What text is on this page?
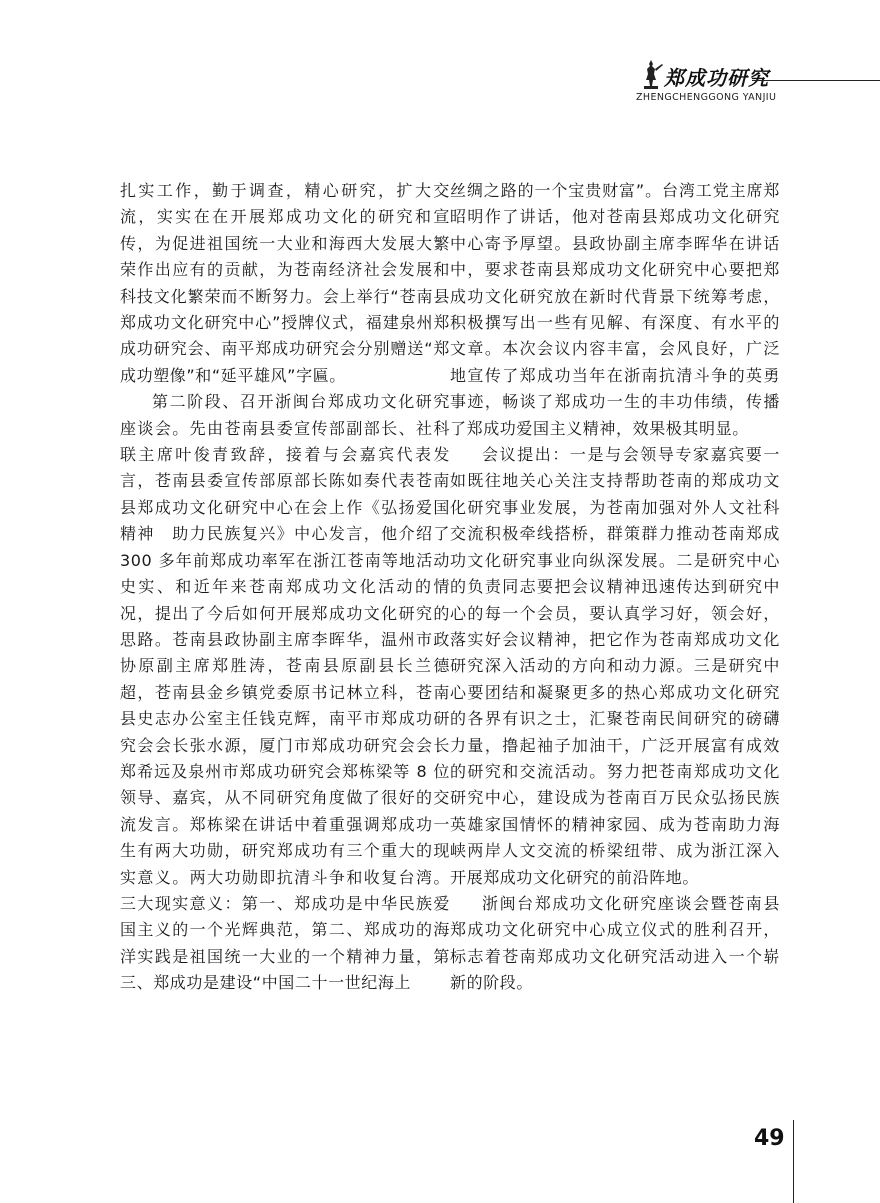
郑成功研究
ZHENGCHENGGONG YANJIU

扎实工作，勤于调查，精心研究，扩大交流，实实在在开展郑成功文化的研究和宣传，为促进祖国统一大业和海西大发展大繁荣作出应有的贡献，为苍南经济社会发展和科技文化繁荣而不断努力。会上举行“苍南县郑成功文化研究中心”授牌仪式，福建泉州郑成功研究会、南平郑成功研究会分别赠送“郑成功塑像”和“延平雄风”字匾。

第二阶段、召开浙闽台郑成功文化研究座谈会。先由苍南县委宣传部副部长、社科联主席叶俊青致辞，接着与会嘉宾代表发言，苍南县委宣传部原部长陈如奏代表苍南县郑成功文化研究中心在会上作《弘扬爱国精神　助力民族复兴》中心发言，他介绍了 300 多年前郑成功率军在浙江苍南等地活动史实、和近年来苍南郑成功文化活动的情况，提出了今后如何开展郑成功文化研究的思路。苍南县政协副主席李晖华，温州市政协原副主席郑胜涛，苍南县原副县长兰德超，苍南县金乡镇党委原书记林立科，苍南县史志办公室主任钱克辉，南平市郑成功研究会会长张水源，厦门市郑成功研究会会长郑希远及泉州市郑成功研究会郑栋梁等 8 位领导、嘉宾，从不同研究角度做了很好的交流发言。郑栋梁在讲话中着重强调郑成功一生有两大功勋，研究郑成功有三个重大的现实意义。两大功勋即抗清斗争和收复台湾。三大现实意义：第一、郑成功是中华民族爱国主义的一个光辉典范，第二、郑成功的海洋实践是祖国统一大业的一个精神力量，第三、郑成功是建设“中国二十一世纪海上

丝绸之路的一个宝贵财富”。台湾工党主席郑昭明作了讲话，他对苍南县郑成功文化研究中心寄予厚望。县政协副主席李晖华在讲话中，要求苍南县郑成功文化研究中心要把郑成功文化研究放在新时代背景下统筹考虑，积极撰写出一些有见解、有深度、有水平的文章。本次会议内容丰富，会风良好，广泛地宣传了郑成功当年在浙南抗清斗争的英勇事迹，畅谈了郑成功一生的丰功伟绩，传播了郑成功爱国主义精神，效果极其明显。

会议提出：一是与会领导专家嘉宾要一如既往地关心关注支持帮助苍南的郑成功文化研究事业发展，为苍南加强对外人文社科交流积极牵线搭桥，群策群力推动苍南郑成功文化研究事业向纵深发展。二是研究中心的负责同志要把会议精神迅速传达到研究中心的每一个会员，要认真学习好，领会好，落实好会议精神，把它作为苍南郑成功文化研究深入活动的方向和动力源。三是研究中心要团结和凝聚更多的热心郑成功文化研究的各界有识之士，汇聚苍南民间研究的磅礴力量，撸起袖子加油干，广泛开展富有成效的研究和交流活动。努力把苍南郑成功文化研究中心，建设成为苍南百万民众弘扬民族英雄家国情怀的精神家园、成为苍南助力海峡两岸人文交流的桥梁纽带、成为浙江深入开展郑成功文化研究的前沿阵地。

浙闽台郑成功文化研究座谈会暨苍南县郑成功文化研究中心成立仪式的胜利召开，标志着苍南郑成功文化研究活动进入一个崭新的阶段。

49
